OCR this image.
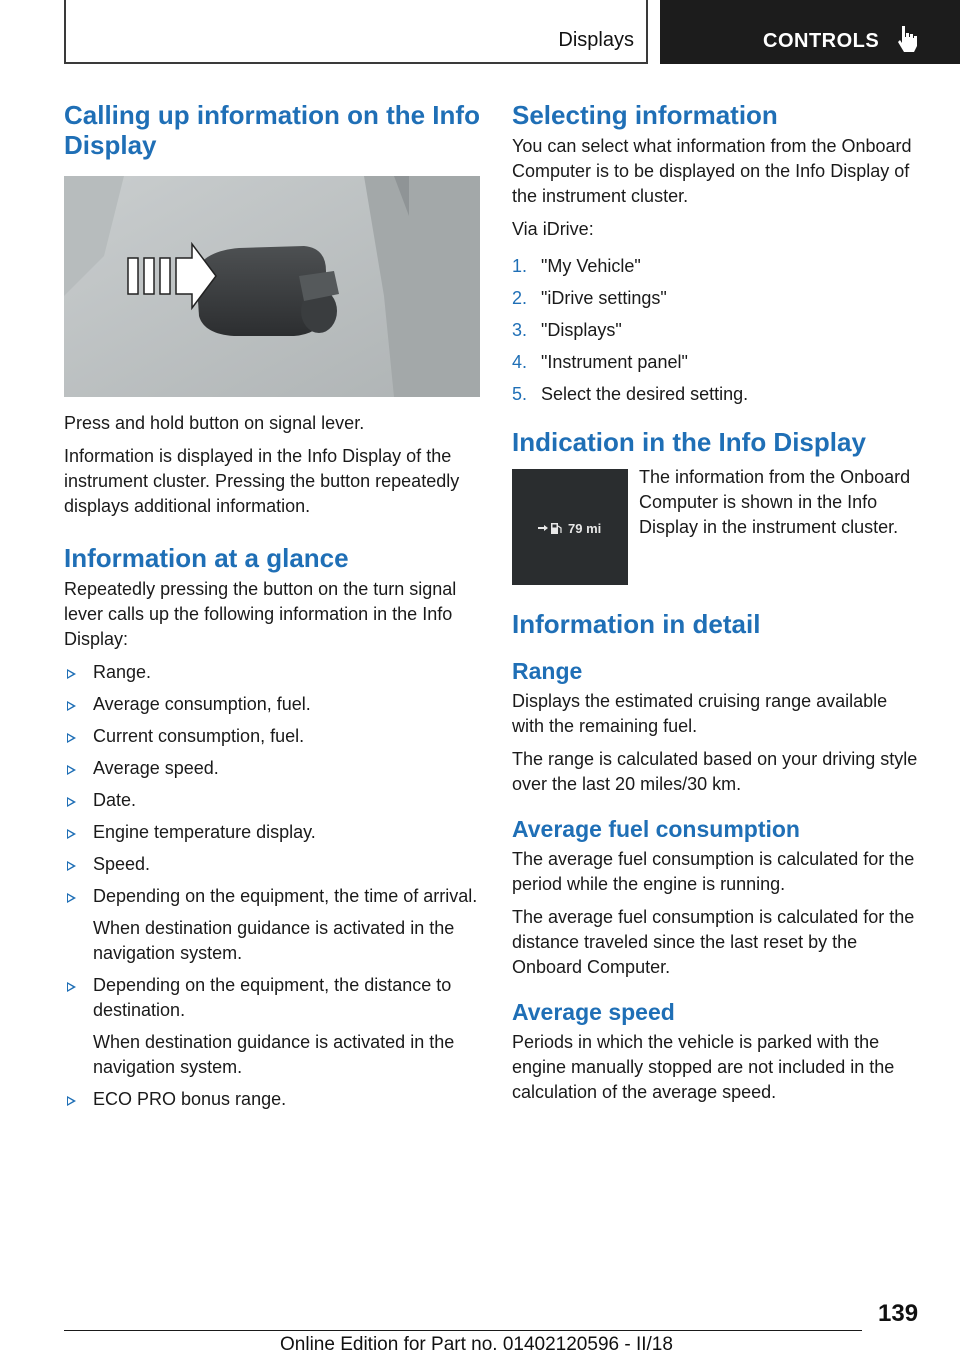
Displays	CONTROLS
Calling up information on the Info Display

Press and hold button on signal lever.

Information is displayed in the Info Display of the instrument cluster. Pressing the button repeatedly displays additional information.

Information at a glance

Repeatedly pressing the button on the turn signal lever calls up the following information in the Info Display:

Range.
Average consumption, fuel.
Current consumption, fuel.
Average speed.
Date.
Engine temperature display.
Speed.
Depending on the equipment, the time of arrival.
When destination guidance is activated in the navigation system.
Depending on the equipment, the distance to destination.
When destination guidance is activated in the navigation system.
ECO PRO bonus range.
Selecting information

You can select what information from the Onboard Computer is to be displayed on the Info Display of the instrument cluster.

Via iDrive:

1. "My Vehicle"
2. "iDrive settings"
3. "Displays"
4. "Instrument panel"
5. Select the desired setting.
Indication in the Info Display
79 mi

The information from the Onboard Computer is shown in the Info Display in the instrument cluster.

Information in detail
Range

Displays the estimated cruising range available with the remaining fuel.

The range is calculated based on your driving style over the last 20 miles/30 km.

Average fuel consumption

The average fuel consumption is calculated for the period while the engine is running.

The average fuel consumption is calculated for the distance traveled since the last reset by the Onboard Computer.

Average speed

Periods in which the vehicle is parked with the engine manually stopped are not included in the calculation of the average speed.

139
Online Edition for Part no. 01402120596 - II/18
